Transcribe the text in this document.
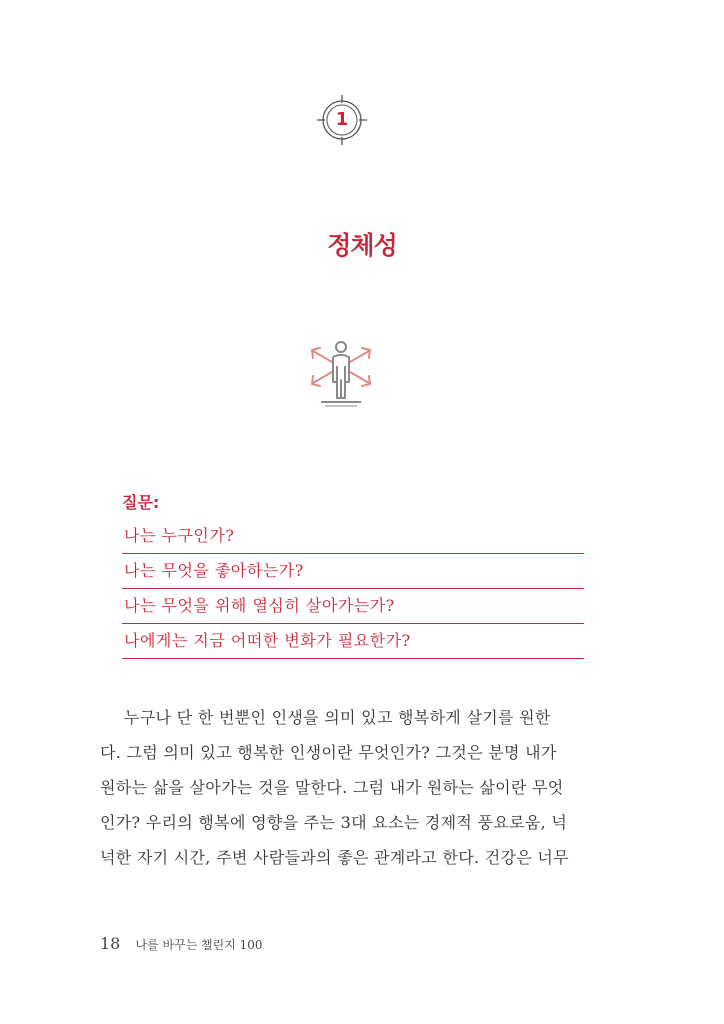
1
정체성
질문:
나는 누구인가?
나는 무엇을 좋아하는가?
나는 무엇을 위해 열심히 살아가는가?
나에게는 지금 어떠한 변화가 필요한가?
누구나 단 한 번뿐인 인생을 의미 있고 행복하게 살기를 원한
다. 그럼 의미 있고 행복한 인생이란 무엇인가? 그것은 분명 내가
원하는 삶을 살아가는 것을 말한다. 그럼 내가 원하는 삶이란 무엇
인가? 우리의 행복에 영향을 주는 3대 요소는 경제적 풍요로움, 넉
넉한 자기 시간, 주변 사람들과의 좋은 관계라고 한다. 건강은 너무
18 나를 바꾸는 챌린지 100
